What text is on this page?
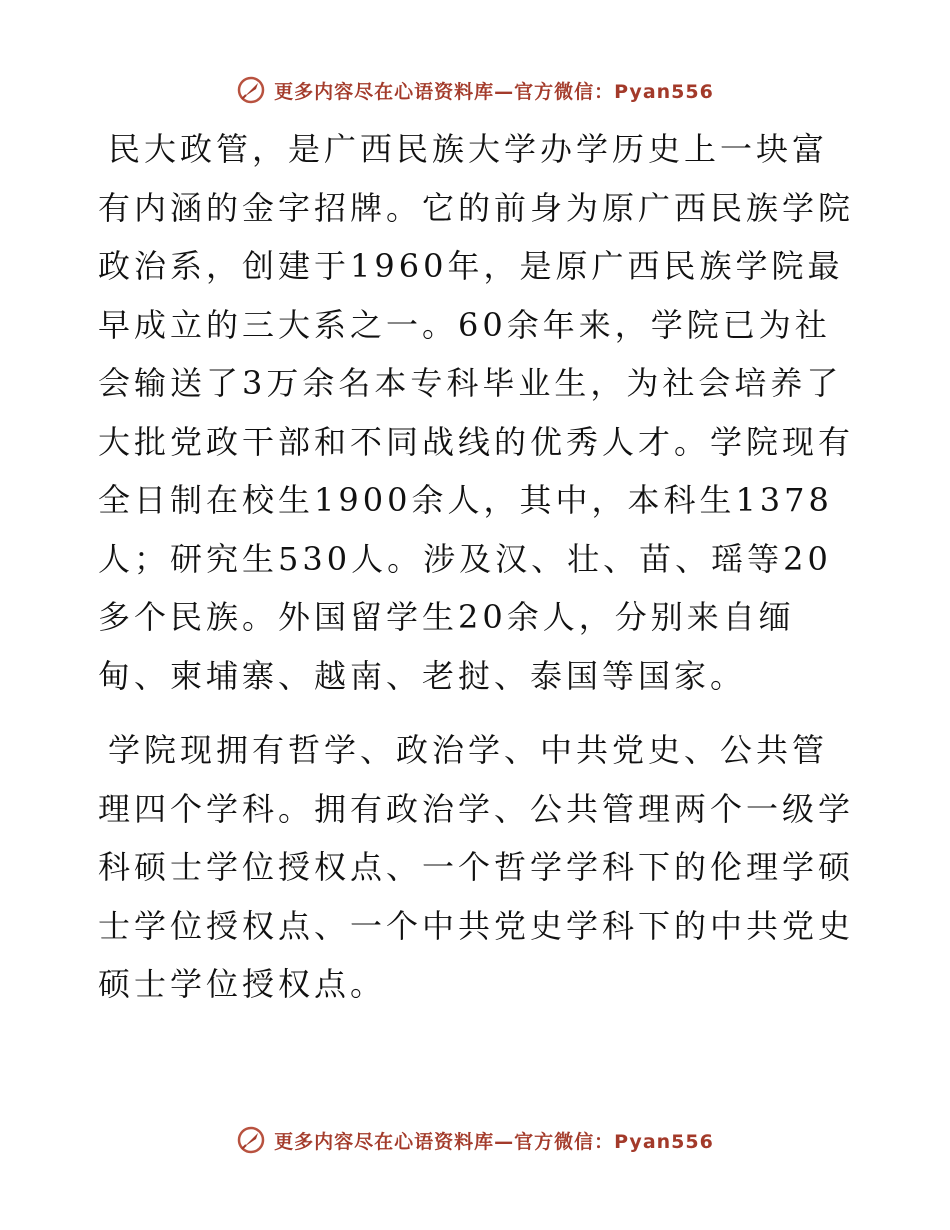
更多内容尽在心语资料库—官方微信：Pyan556

民大政管，是广西民族大学办学历史上一块富有内涵的金字招牌。它的前身为原广西民族学院政治系，创建于1960年，是原广西民族学院最早成立的三大系之一。60余年来，学院已为社会输送了3万余名本专科毕业生，为社会培养了大批党政干部和不同战线的优秀人才。学院现有全日制在校生1900余人，其中，本科生1378人；研究生530人。涉及汉、壮、苗、瑶等20多个民族。外国留学生20余人，分别来自缅甸、柬埔寨、越南、老挝、泰国等国家。

学院现拥有哲学、政治学、中共党史、公共管理四个学科。拥有政治学、公共管理两个一级学科硕士学位授权点、一个哲学学科下的伦理学硕士学位授权点、一个中共党史学科下的中共党史硕士学位授权点。

更多内容尽在心语资料库—官方微信：Pyan556
